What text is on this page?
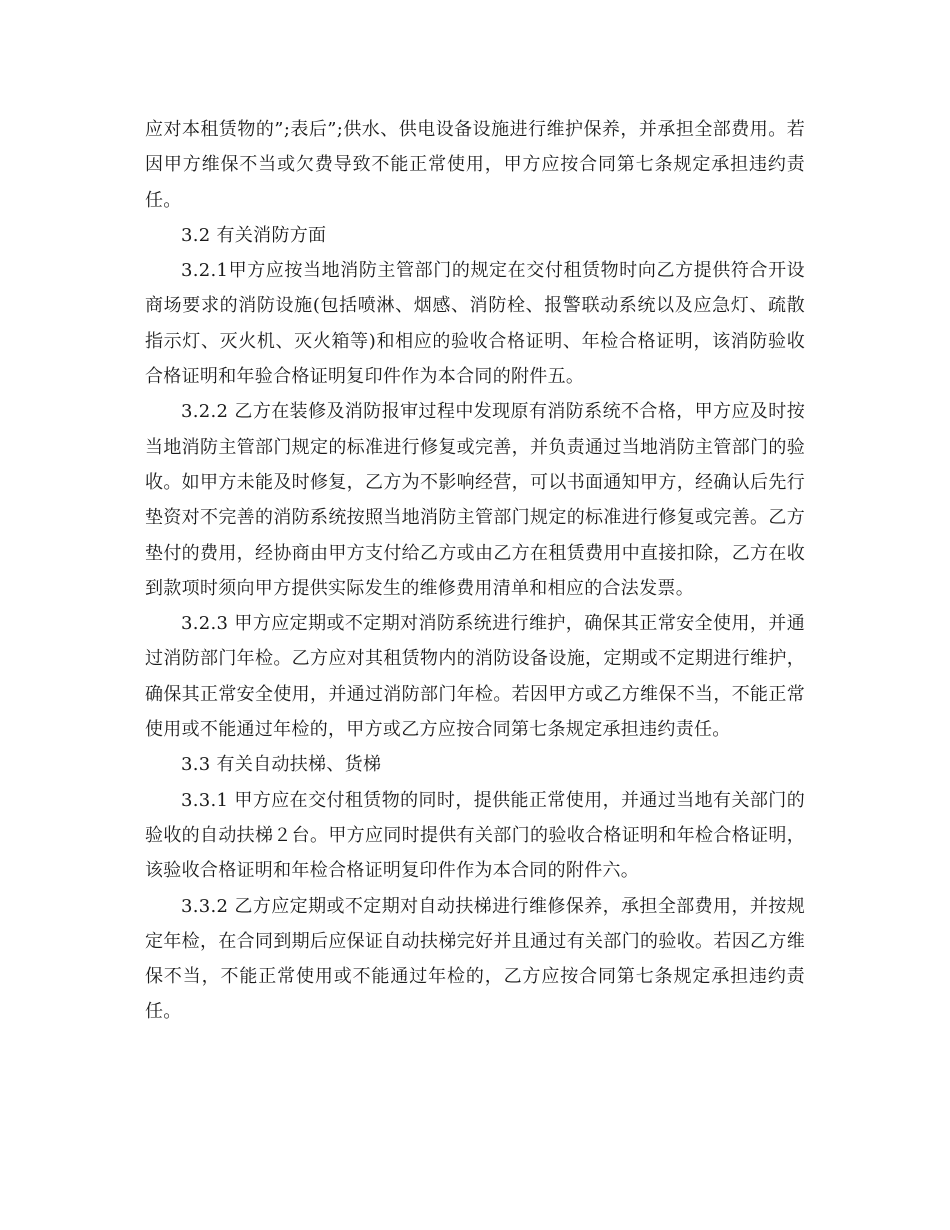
应对本租赁物的”;表后”;供水、供电设备设施进行维护保养，并承担全部费用。若因甲方维保不当或欠费导致不能正常使用，甲方应按合同第七条规定承担违约责任。

3.2 有关消防方面

3.2.1甲方应按当地消防主管部门的规定在交付租赁物时向乙方提供符合开设商场要求的消防设施(包括喷淋、烟感、消防栓、报警联动系统以及应急灯、疏散指示灯、灭火机、灭火箱等)和相应的验收合格证明、年检合格证明，该消防验收合格证明和年验合格证明复印件作为本合同的附件五。

3.2.2 乙方在装修及消防报审过程中发现原有消防系统不合格，甲方应及时按当地消防主管部门规定的标准进行修复或完善，并负责通过当地消防主管部门的验收。如甲方未能及时修复，乙方为不影响经营，可以书面通知甲方，经确认后先行垫资对不完善的消防系统按照当地消防主管部门规定的标准进行修复或完善。乙方垫付的费用，经协商由甲方支付给乙方或由乙方在租赁费用中直接扣除，乙方在收到款项时须向甲方提供实际发生的维修费用清单和相应的合法发票。

3.2.3 甲方应定期或不定期对消防系统进行维护，确保其正常安全使用，并通过消防部门年检。乙方应对其租赁物内的消防设备设施，定期或不定期进行维护，确保其正常安全使用，并通过消防部门年检。若因甲方或乙方维保不当，不能正常使用或不能通过年检的，甲方或乙方应按合同第七条规定承担违约责任。

3.3 有关自动扶梯、货梯

3.3.1 甲方应在交付租赁物的同时，提供能正常使用，并通过当地有关部门的验收的自动扶梯２台。甲方应同时提供有关部门的验收合格证明和年检合格证明，该验收合格证明和年检合格证明复印件作为本合同的附件六。

3.3.2 乙方应定期或不定期对自动扶梯进行维修保养，承担全部费用，并按规定年检，在合同到期后应保证自动扶梯完好并且通过有关部门的验收。若因乙方维保不当，不能正常使用或不能通过年检的，乙方应按合同第七条规定承担违约责任。
